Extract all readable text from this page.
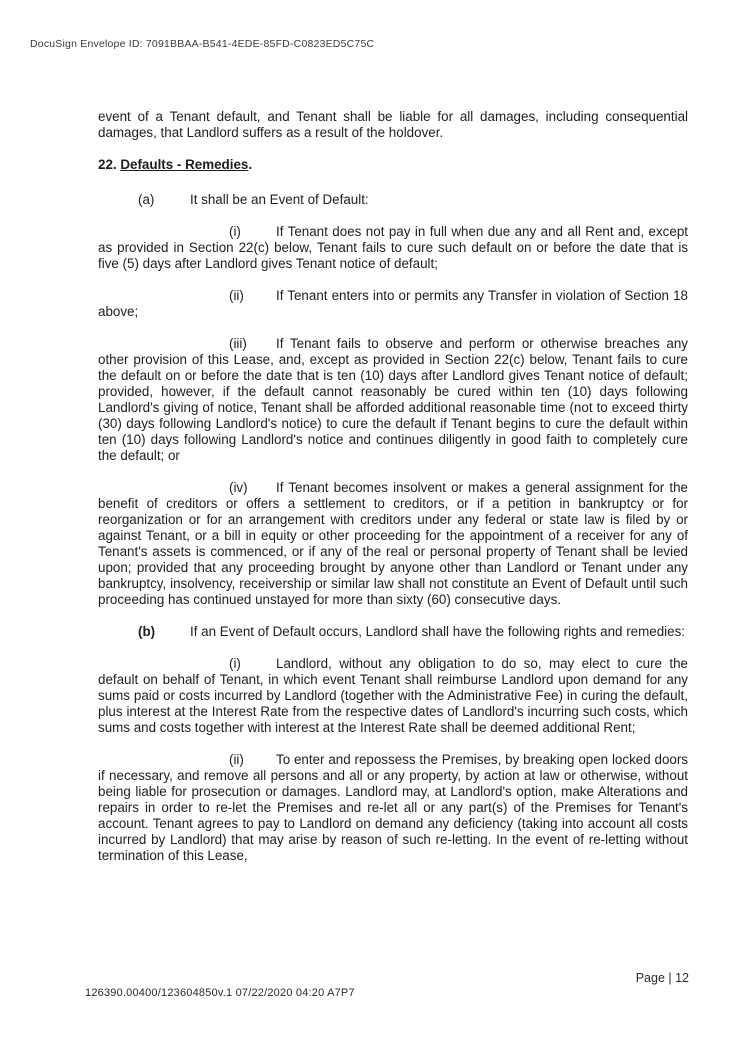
DocuSign Envelope ID: 7091BBAA-B541-4EDE-85FD-C0823ED5C75C

event of a Tenant default, and Tenant shall be liable for all damages, including consequential damages, that Landlord suffers as a result of the holdover.

22. Defaults - Remedies.

(a)	It shall be an Event of Default:

(i)	If Tenant does not pay in full when due any and all Rent and, except as provided in Section 22(c) below, Tenant fails to cure such default on or before the date that is five (5) days after Landlord gives Tenant notice of default;

(ii) If Tenant enters into or permits any Transfer in violation of Section 18 above;

(iii) If Tenant fails to observe and perform or otherwise breaches any other provision of this Lease, and, except as provided in Section 22(c) below, Tenant fails to cure the default on or before the date that is ten (10) days after Landlord gives Tenant notice of default; provided, however, if the default cannot reasonably be cured within ten (10) days following Landlord's giving of notice, Tenant shall be afforded additional reasonable time (not to exceed thirty (30) days following Landlord's notice) to cure the default if Tenant begins to cure the default within ten (10) days following Landlord's notice and continues diligently in good faith to completely cure the default; or

(iv) If Tenant becomes insolvent or makes a general assignment for the benefit of creditors or offers a settlement to creditors, or if a petition in bankruptcy or for reorganization or for an arrangement with creditors under any federal or state law is filed by or against Tenant, or a bill in equity or other proceeding for the appointment of a receiver for any of Tenant's assets is commenced, or if any of the real or personal property of Tenant shall be levied upon; provided that any proceeding brought by anyone other than Landlord or Tenant under any bankruptcy, insolvency, receivership or similar law shall not constitute an Event of Default until such proceeding has continued unstayed for more than sixty (60) consecutive days.

(b)	If an Event of Default occurs, Landlord shall have the following rights and remedies:

(i)	Landlord, without any obligation to do so, may elect to cure the default on behalf of Tenant, in which event Tenant shall reimburse Landlord upon demand for any sums paid or costs incurred by Landlord (together with the Administrative Fee) in curing the default, plus interest at the Interest Rate from the respective dates of Landlord's incurring such costs, which sums and costs together with interest at the Interest Rate shall be deemed additional Rent;

(ii) To enter and repossess the Premises, by breaking open locked doors if necessary, and remove all persons and all or any property, by action at law or otherwise, without being liable for prosecution or damages. Landlord may, at Landlord's option, make Alterations and repairs in order to re-let the Premises and re-let all or any part(s) of the Premises for Tenant's account. Tenant agrees to pay to Landlord on demand any deficiency (taking into account all costs incurred by Landlord) that may arise by reason of such re-letting. In the event of re-letting without termination of this Lease,

Page | 12
126390.00400/123604850v.1 07/22/2020 04:20 A7P7
